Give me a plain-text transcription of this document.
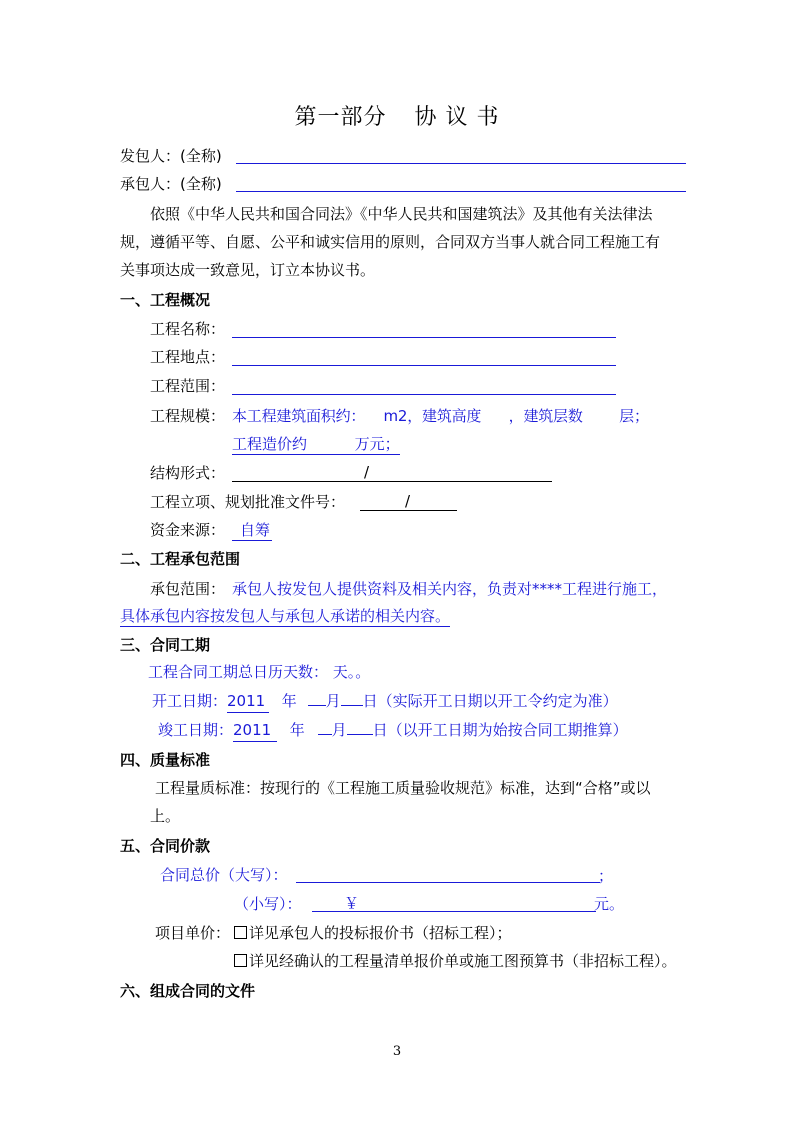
第一部分 协 议 书
发包人：(全称)
承包人：(全称)
依照《中华人民共和国合同法》《中华人民共和国建筑法》及其他有关法律法
规，遵循平等、自愿、公平和诚实信用的原则，合同双方当事人就合同工程施工有
关事项达成一致意见，订立本协议书。
一、工程概况
工程名称：
工程地点：
工程范围：
工程规模： 本工程建筑面积约：    m2，建筑高度      ，建筑层数        层；
工程造价约          万元；
结构形式：	/
工程立项、规划批准文件号：	/
资金来源： 自筹
二、工程承包范围
承包范围： 承包人按发包人提供资料及相关内容，负责对****工程进行施工，
具体承包内容按发包人与承包人承诺的相关内容。
三、合同工期
工程合同工期总日历天数： 天。。
开工日期：2011 年 月 日（实际开工日期以开工令约定为准）
竣工日期：2011 年 月 日（以开工日期为始按合同工期推算）
四、质量标准
工程量质标准：按现行的《工程施工质量验收规范》标准，达到“合格”或以
上。
五、合同价款
合同总价（大写）：	；
（小写）：	￥	元。
项目单价：	详见承包人的投标报价书（招标工程）；
详见经确认的工程量清单报价单或施工图预算书（非招标工程）。
六、组成合同的文件
3
